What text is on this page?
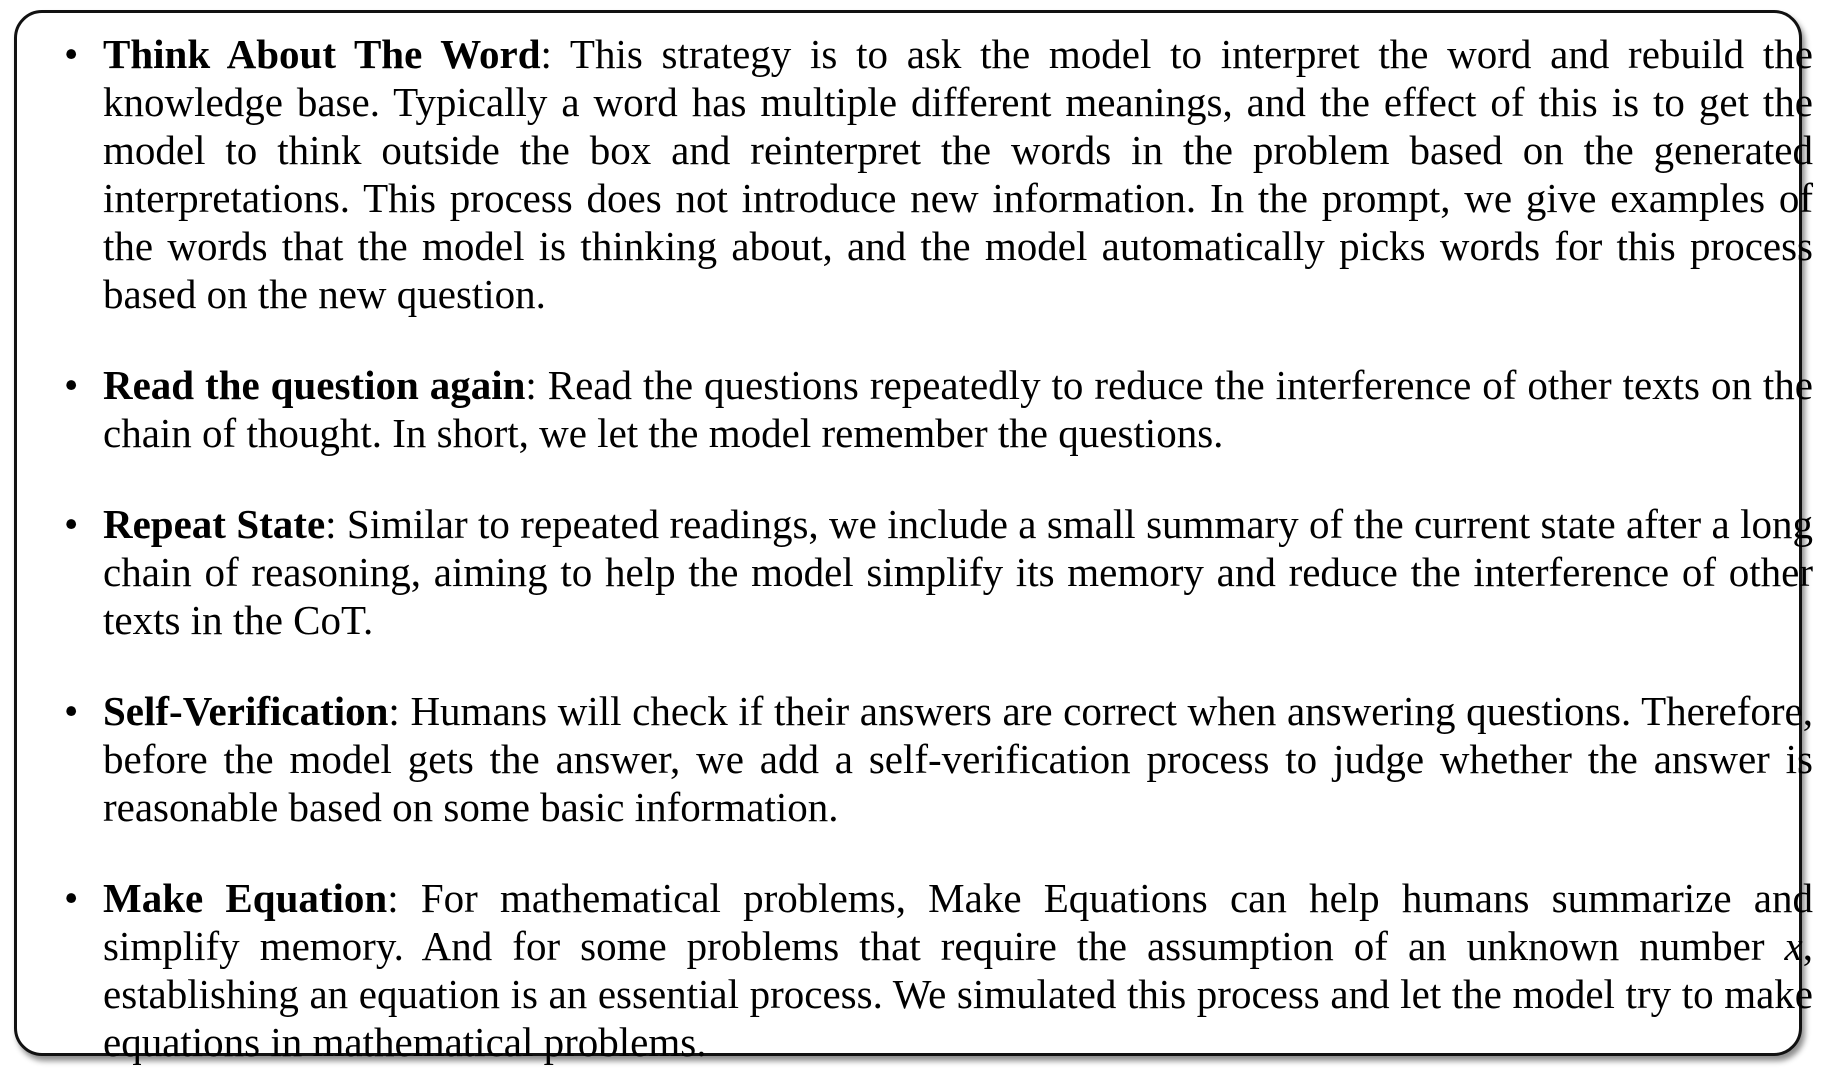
• Think About The Word: This strategy is to ask the model to interpret the word and rebuild the knowledge base. Typically a word has multiple different meanings, and the effect of this is to get the model to think outside the box and reinterpret the words in the problem based on the generated interpretations. This process does not introduce new information. In the prompt, we give examples of the words that the model is thinking about, and the model automatically picks words for this process based on the new question.
• Read the question again: Read the questions repeatedly to reduce the interference of other texts on the chain of thought. In short, we let the model remember the questions.
• Repeat State: Similar to repeated readings, we include a small summary of the current state after a long chain of reasoning, aiming to help the model simplify its memory and reduce the interference of other texts in the CoT.
• Self-Verification: Humans will check if their answers are correct when answering questions. Therefore, before the model gets the answer, we add a self-verification process to judge whether the answer is reasonable based on some basic information.
• Make Equation: For mathematical problems, Make Equations can help humans summarize and simplify memory. And for some problems that require the assumption of an unknown number x, establishing an equation is an essential process. We simulated this process and let the model try to make equations in mathematical problems.
